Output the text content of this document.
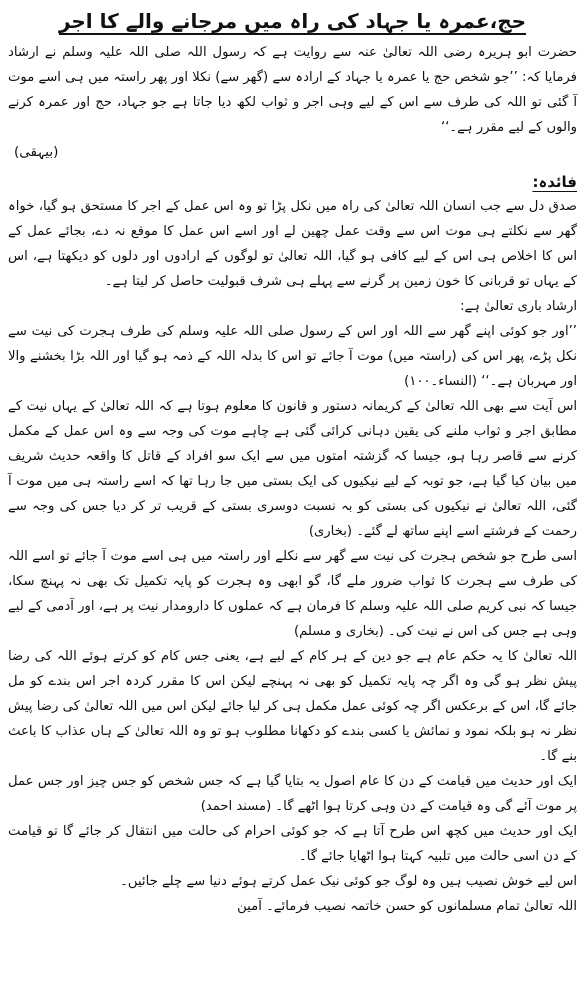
حج،عمرہ یا جہاد کی راہ میں مرجانے والے کا اجر

حضرت ابو ہریرہ رضی اللہ تعالیٰ عنہ سے روایت ہے کہ رسول اللہ صلی اللہ علیہ وسلم نے ارشاد فرمایا کہ: ’’جو شخص حج یا عمرہ یا جہاد کے ارادہ سے (گھر سے) نکلا اور پھر راستہ میں ہی اسے موت آ گئی تو اللہ کی طرف سے اس کے لیے وہی اجر و ثواب لکھ دیا جاتا ہے جو جہاد، حج اور عمرہ کرنے والوں کے لیے مقرر ہے۔‘‘

(بیہقی)
فائدہ:

صدق دل سے جب انسان اللہ تعالیٰ کی راہ میں نکل پڑا تو وہ اس عمل کے اجر کا مستحق ہو گیا، خواہ گھر سے نکلتے ہی موت اس سے وقت عمل چھین لے اور اسے اس عمل کا موقع نہ دے، بجائے عمل کے اس کا اخلاص ہی اس کے لیے کافی ہو گیا، اللہ تعالیٰ تو لوگوں کے ارادوں اور دلوں کو دیکھتا ہے، اس کے یہاں تو قربانی کا خون زمین پر گرنے سے پہلے ہی شرف قبولیت حاصل کر لیتا ہے۔

ارشاد باری تعالیٰ ہے:

’’اور جو کوئی اپنے گھر سے اللہ اور اس کے رسول صلی اللہ علیہ وسلم کی طرف ہجرت کی نیت سے نکل پڑے، پھر اس کی (راستہ میں) موت آ جائے تو اس کا بدلہ اللہ کے ذمہ ہو گیا اور اللہ بڑا بخشنے والا اور مہربان ہے۔‘‘ (النساء۔۱۰۰)

اس آیت سے بھی اللہ تعالیٰ کے کریمانہ دستور و قانون کا معلوم ہوتا ہے کہ اللہ تعالیٰ کے یہاں نیت کے مطابق اجر و ثواب ملنے کی یقین دہانی کرائی گئی ہے چاہے موت کی وجہ سے وہ اس عمل کے مکمل کرنے سے قاصر رہا ہو، جیسا کہ گزشتہ امتوں میں سے ایک سو افراد کے قاتل کا واقعہ حدیث شریف میں بیان کیا گیا ہے، جو توبہ کے لیے نیکیوں کی ایک بستی میں جا رہا تھا کہ اسے راستہ ہی میں موت آ گئی، اللہ تعالیٰ نے نیکیوں کی بستی کو بہ نسبت دوسری بستی کے قریب تر کر دیا جس کی وجہ سے رحمت کے فرشتے اسے اپنے ساتھ لے گئے۔ (بخاری)

اسی طرح جو شخص ہجرت کی نیت سے گھر سے نکلے اور راستہ میں ہی اسے موت آ جائے تو اسے اللہ کی طرف سے ہجرت کا ثواب ضرور ملے گا، گو ابھی وہ ہجرت کو پایہ تکمیل تک بھی نہ پہنچ سکا، جیسا کہ نبی کریم صلی اللہ علیہ وسلم کا فرمان ہے کہ عملوں کا دارومدار نیت پر ہے، اور آدمی کے لیے وہی ہے جس کی اس نے نیت کی۔ (بخاری و مسلم)

اللہ تعالیٰ کا یہ حکم عام ہے جو دین کے ہر کام کے لیے ہے، یعنی جس کام کو کرتے ہوئے اللہ کی رضا پیش نظر ہو گی وہ اگر چہ پایہ تکمیل کو بھی نہ پہنچے لیکن اس کا مقرر کردہ اجر اس بندے کو مل جائے گا، اس کے برعکس اگر چہ کوئی عمل مکمل ہی کر لیا جائے لیکن اس میں اللہ تعالیٰ کی رضا پیش نظر نہ ہو بلکہ نمود و نمائش یا کسی بندے کو دکھانا مطلوب ہو تو وہ اللہ تعالیٰ کے ہاں عذاب کا باعث بنے گا۔

ایک اور حدیث میں قیامت کے دن کا عام اصول یہ بتایا گیا ہے کہ جس شخص کو جس چیز اور جس عمل پر موت آئے گی وہ قیامت کے دن وہی کرتا ہوا اٹھے گا۔ (مسند احمد)

ایک اور حدیث میں کچھ اس طرح آتا ہے کہ جو کوئی احرام کی حالت میں انتقال کر جائے گا تو قیامت کے دن اسی حالت میں تلبیہ کہتا ہوا اٹھایا جائے گا۔

اس لیے خوش نصیب ہیں وہ لوگ جو کوئی نیک عمل کرتے ہوئے دنیا سے چلے جائیں۔

اللہ تعالیٰ تمام مسلمانوں کو حسن خاتمہ نصیب فرمائے۔ آمین
